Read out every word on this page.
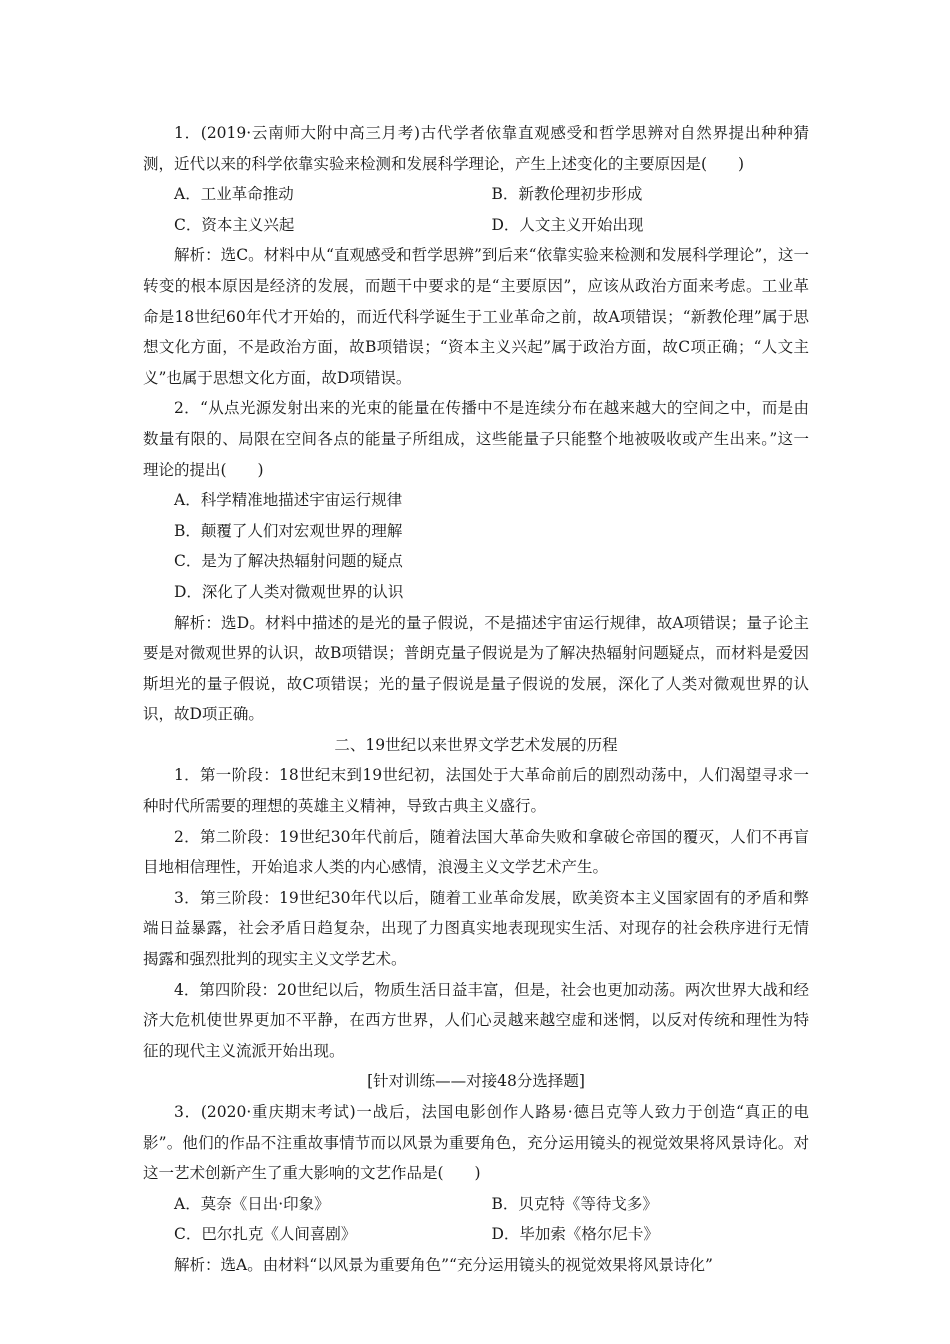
1．(2019·云南师大附中高三月考)古代学者依靠直观感受和哲学思辨对自然界提出种种猜测，近代以来的科学依靠实验来检测和发展科学理论，产生上述变化的主要原因是(　　)

A．工业革命推动	B．新教伦理初步形成
C．资本主义兴起	D．人文主义开始出现

解析：选C。材料中从“直观感受和哲学思辨”到后来“依靠实验来检测和发展科学理论”，这一转变的根本原因是经济的发展，而题干中要求的是“主要原因”，应该从政治方面来考虑。工业革命是18世纪60年代才开始的，而近代科学诞生于工业革命之前，故A项错误；“新教伦理”属于思想文化方面，不是政治方面，故B项错误；“资本主义兴起”属于政治方面，故C项正确；“人文主义”也属于思想文化方面，故D项错误。

2．“从点光源发射出来的光束的能量在传播中不是连续分布在越来越大的空间之中，而是由数量有限的、局限在空间各点的能量子所组成，这些能量子只能整个地被吸收或产生出来。”这一理论的提出(　　)

A．科学精准地描述宇宙运行规律

B．颠覆了人们对宏观世界的理解

C．是为了解决热辐射问题的疑点

D．深化了人类对微观世界的认识

解析：选D。材料中描述的是光的量子假说，不是描述宇宙运行规律，故A项错误；量子论主要是对微观世界的认识，故B项错误；普朗克量子假说是为了解决热辐射问题疑点，而材料是爱因斯坦光的量子假说，故C项错误；光的量子假说是量子假说的发展，深化了人类对微观世界的认识，故D项正确。

二、19世纪以来世界文学艺术发展的历程

1．第一阶段：18世纪末到19世纪初，法国处于大革命前后的剧烈动荡中，人们渴望寻求一种时代所需要的理想的英雄主义精神，导致古典主义盛行。

2．第二阶段：19世纪30年代前后，随着法国大革命失败和拿破仑帝国的覆灭，人们不再盲目地相信理性，开始追求人类的内心感情，浪漫主义文学艺术产生。

3．第三阶段：19世纪30年代以后，随着工业革命发展，欧美资本主义国家固有的矛盾和弊端日益暴露，社会矛盾日趋复杂，出现了力图真实地表现现实生活、对现存的社会秩序进行无情揭露和强烈批判的现实主义文学艺术。

4．第四阶段：20世纪以后，物质生活日益丰富，但是，社会也更加动荡。两次世界大战和经济大危机使世界更加不平静，在西方世界，人们心灵越来越空虚和迷惘，以反对传统和理性为特征的现代主义流派开始出现。

[针对训练——对接48分选择题]

3．(2020·重庆期末考试)一战后，法国电影创作人路易·德吕克等人致力于创造“真正的电影”。他们的作品不注重故事情节而以风景为重要角色，充分运用镜头的视觉效果将风景诗化。对这一艺术创新产生了重大影响的文艺作品是(　　)

A．莫奈《日出·印象》	B．贝克特《等待戈多》
C．巴尔扎克《人间喜剧》	D．毕加索《格尔尼卡》

解析：选A。由材料“以风景为重要角色”“充分运用镜头的视觉效果将风景诗化”
